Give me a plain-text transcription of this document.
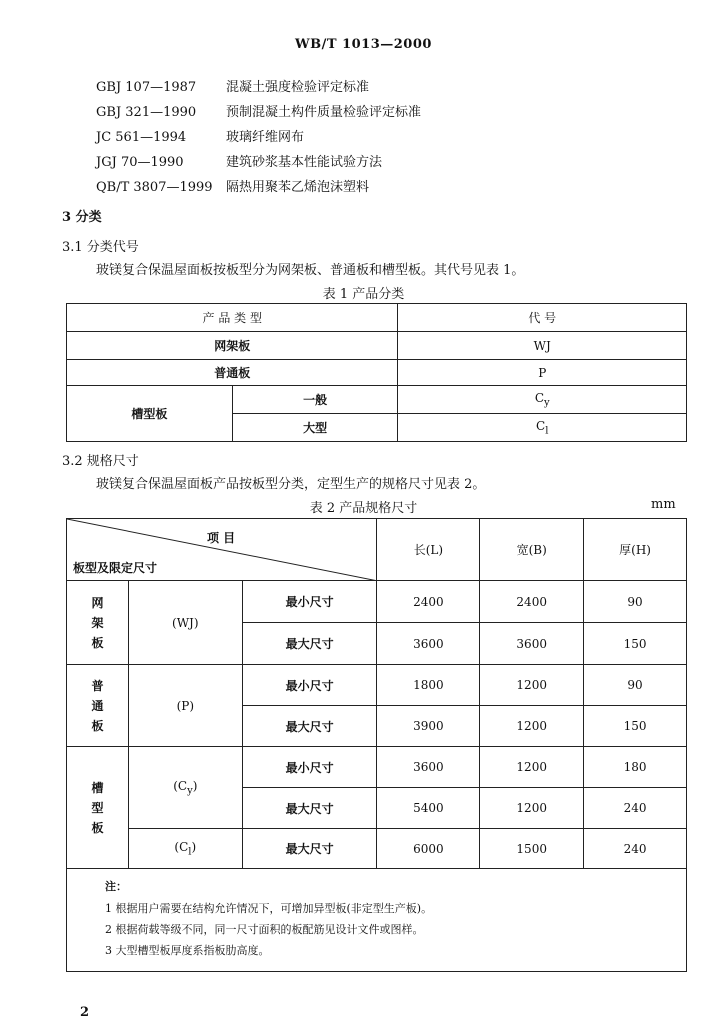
WB/T 1013—2000
GBJ 107—1987 混凝土强度检验评定标准
GBJ 321—1990 预制混凝土构件质量检验评定标准
JC 561—1994	玻璃纤维网布
JGJ 70—1990	建筑砂浆基本性能试验方法
QB/T 3807—1999 隔热用聚苯乙烯泡沫塑料
3 分类
3.1 分类代号
玻镁复合保温屋面板按板型分为网架板、普通板和槽型板。其代号见表 1。
表 1 产品分类
产 品 类 型		代 号
网架板		WJ
普通板		P
槽型板	一般	$C_y$
	大型	$C_l$
3.2 规格尺寸
玻镁复合保温屋面板产品按板型分类，定型生产的规格尺寸见表 2。
表 2 产品规格尺寸	mm
项 目
板型及限定尺寸			长(L)	宽(B)	厚(H)
网
架
板	(WJ)	最小尺寸	2400	2400	90
		最大尺寸	3600	3600	150
普
通
板	(P)	最小尺寸	1800	1200	90
		最大尺寸	3900	1200	150
槽
型
板	$(C_y)$	最小尺寸	3600	1200	180
		最大尺寸	5400	1200	240
	$(C_l)$	最大尺寸	6000	1500	240
注：
1 根据用户需要在结构允许情况下，可增加异型板(非定型生产板)。
2 根据荷载等级不同，同一尺寸面积的板配筋见设计文件或图样。
3 大型槽型板厚度系指板肋高度。
2
